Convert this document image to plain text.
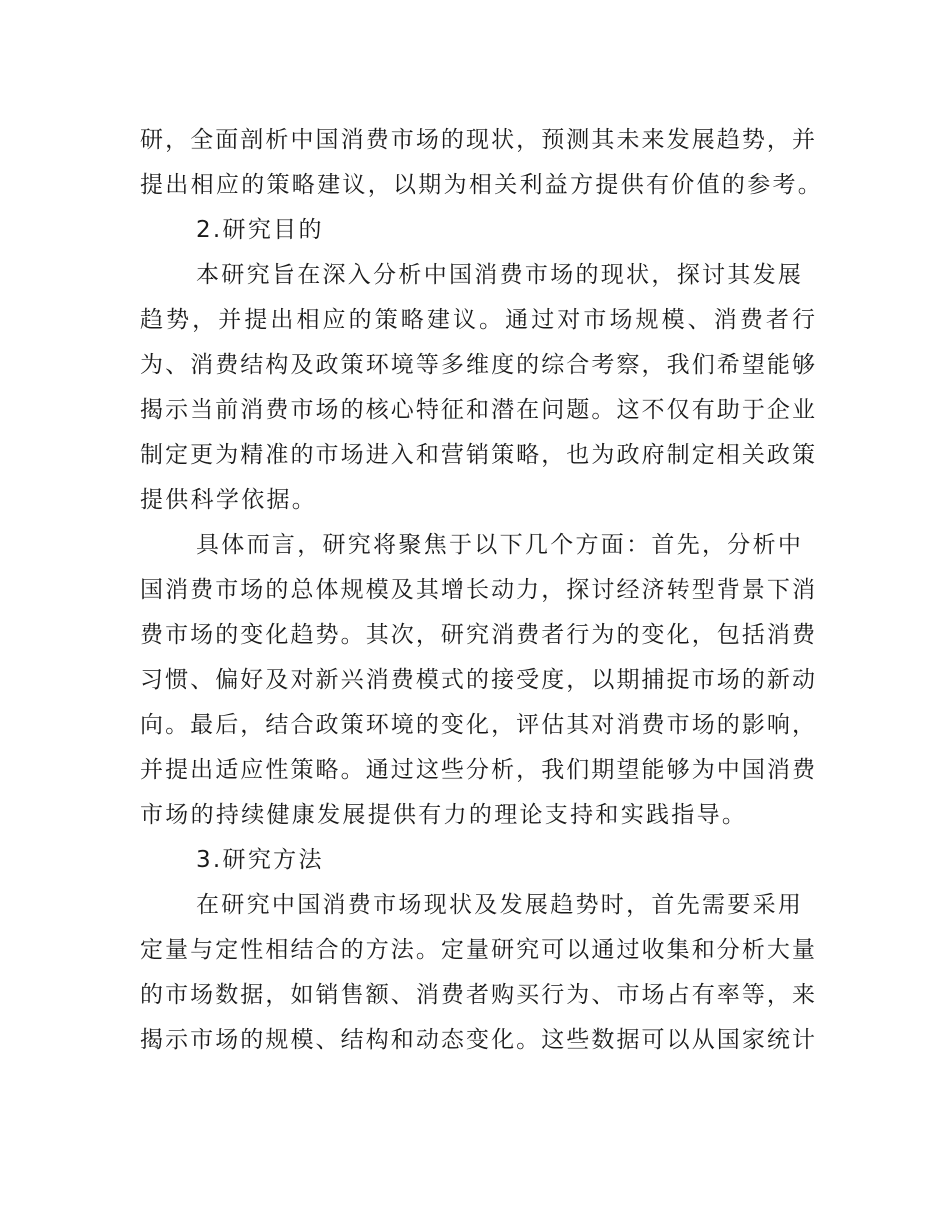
研，全面剖析中国消费市场的现状，预测其未来发展趋势，并
提出相应的策略建议，以期为相关利益方提供有价值的参考。
2.研究目的
本研究旨在深入分析中国消费市场的现状，探讨其发展
趋势，并提出相应的策略建议。通过对市场规模、消费者行
为、消费结构及政策环境等多维度的综合考察，我们希望能够
揭示当前消费市场的核心特征和潜在问题。这不仅有助于企业
制定更为精准的市场进入和营销策略，也为政府制定相关政策
提供科学依据。
具体而言，研究将聚焦于以下几个方面：首先，分析中
国消费市场的总体规模及其增长动力，探讨经济转型背景下消
费市场的变化趋势。其次，研究消费者行为的变化，包括消费
习惯、偏好及对新兴消费模式的接受度，以期捕捉市场的新动
向。最后，结合政策环境的变化，评估其对消费市场的影响，
并提出适应性策略。通过这些分析，我们期望能够为中国消费
市场的持续健康发展提供有力的理论支持和实践指导。
3.研究方法
在研究中国消费市场现状及发展趋势时，首先需要采用
定量与定性相结合的方法。定量研究可以通过收集和分析大量
的市场数据，如销售额、消费者购买行为、市场占有率等，来
揭示市场的规模、结构和动态变化。这些数据可以从国家统计
